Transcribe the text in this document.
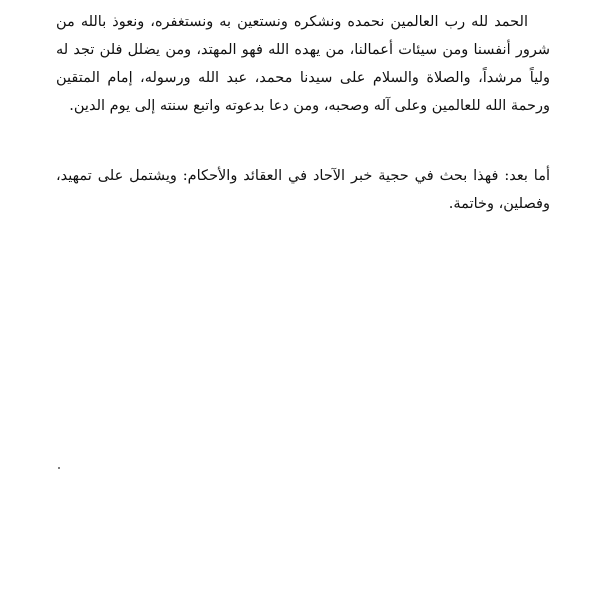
الحمد لله رب العالمين نحمده ونشكره ونستعين به ونستغفره، ونعوذ بالله من شرور أنفسنا ومن سيئات أعمالنا، من يهده الله فهو المهتد، ومن يضلل فلن تجد له ولياً مرشداً، والصلاة والسلام على سيدنا محمد، عبد الله ورسوله، إمام المتقين ورحمة الله للعالمين وعلى آله وصحبه، ومن دعا بدعوته واتبع سنته إلى يوم الدين.

أما بعد: فهذا بحث في حجية خبر الآحاد في العقائد والأحكام: ويشتمل على تمهيد، وفصلين، وخاتمة.
